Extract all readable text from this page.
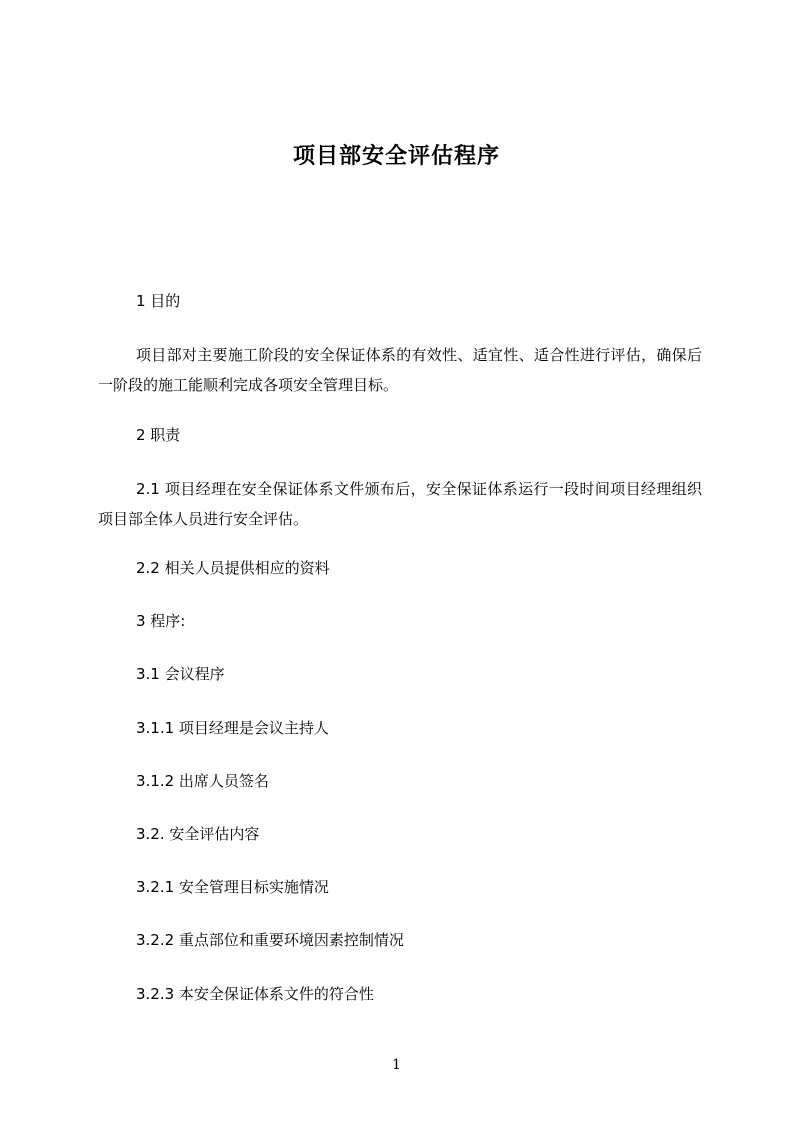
项目部安全评估程序
1 目的
项目部对主要施工阶段的安全保证体系的有效性、适宜性、适合性进行评估，确保后一阶段的施工能顺利完成各项安全管理目标。
2 职责
2.1 项目经理在安全保证体系文件颁布后，安全保证体系运行一段时间项目经理组织项目部全体人员进行安全评估。
2.2 相关人员提供相应的资料
3 程序:
3.1 会议程序
3.1.1 项目经理是会议主持人
3.1.2 出席人员签名
3.2. 安全评估内容
3.2.1 安全管理目标实施情况
3.2.2 重点部位和重要环境因素控制情况
3.2.3 本安全保证体系文件的符合性
1
